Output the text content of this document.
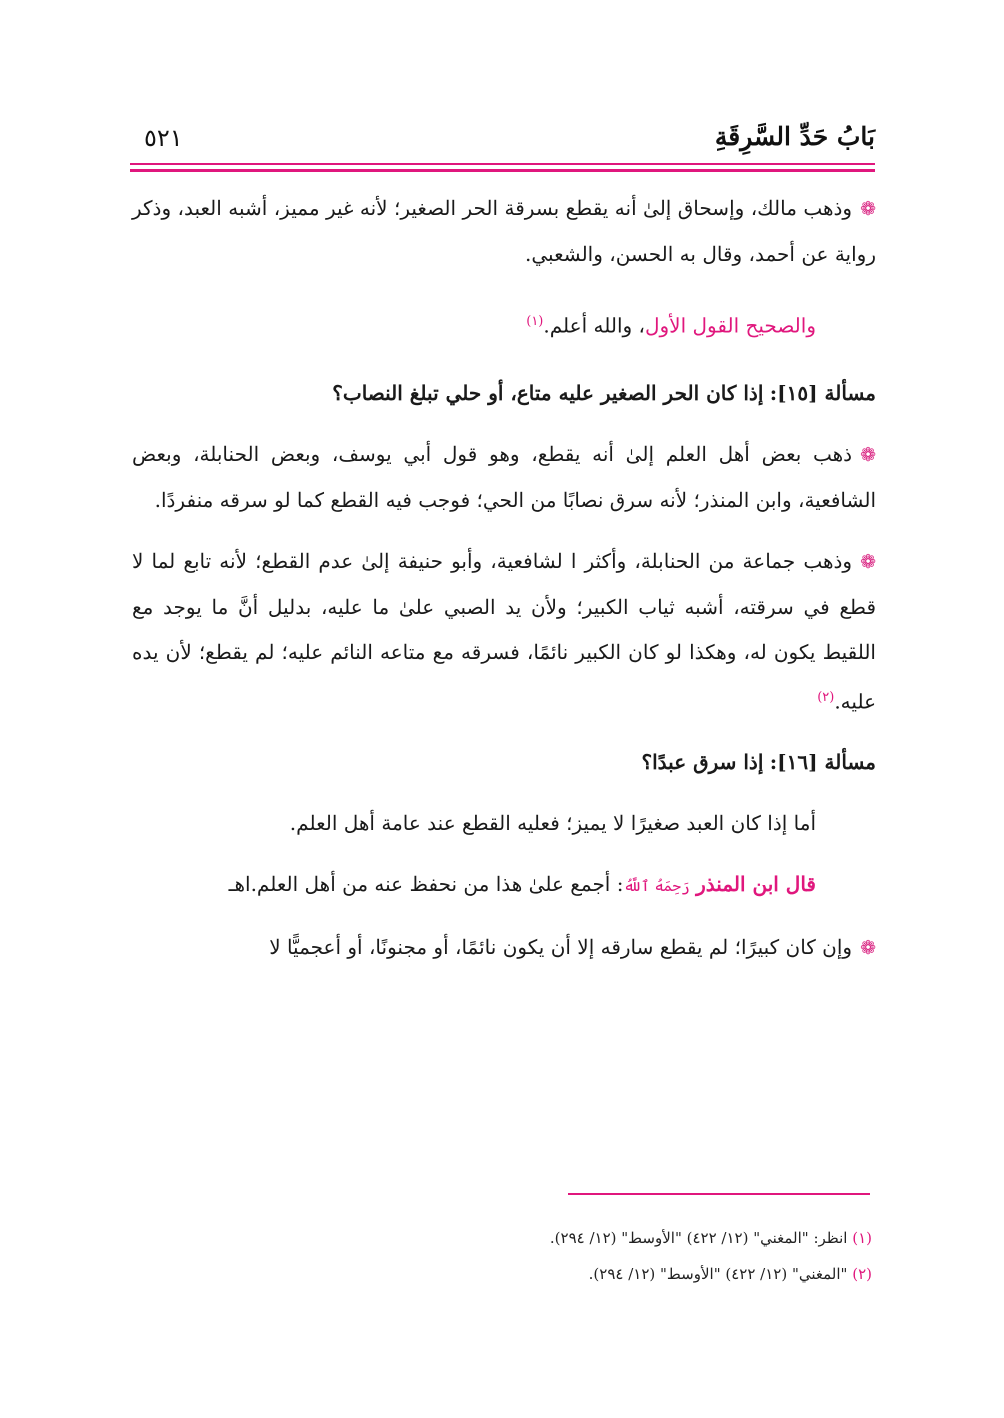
بَابُ حَدِّ السَّرِقَةِ
٥٢١

❁وذهب مالك، وإسحاق إلىٰ أنه يقطع بسرقة الحر الصغير؛ لأنه غير مميز، أشبه العبد، وذكر رواية عن أحمد، وقال به الحسن، والشعبي.

والصحيح القول الأول، والله أعلم.$^{(١)}$

مسألة [١٥]: إذا كان الحر الصغير عليه متاع، أو حلي تبلغ النصاب؟

❁ذهب بعض أهل العلم إلىٰ أنه يقطع، وهو قول أبي يوسف، وبعض الحنابلة، وبعض الشافعية، وابن المنذر؛ لأنه سرق نصابًا من الحي؛ فوجب فيه القطع كما لو سرقه منفردًا.

❁وذهب جماعة من الحنابلة، وأكثر ا لشافعية، وأبو حنيفة إلىٰ عدم القطع؛ لأنه تابع لما لا قطع في سرقته، أشبه ثياب الكبير؛ ولأن يد الصبي علىٰ ما عليه، بدليل أنَّ ما يوجد مع اللقيط يكون له، وهكذا لو كان الكبير نائمًا، فسرقه مع متاعه النائم عليه؛ لم يقطع؛ لأن يده عليه.$^{(٢)}$

مسألة [١٦]: إذا سرق عبدًا؟

أما إذا كان العبد صغيرًا لا يميز؛ فعليه القطع عند عامة أهل العلم.

قال ابن المنذر رَحِمَهُ ٱللَّهُ: أجمع علىٰ هذا من نحفظ عنه من أهل العلم.اهـ

❁وإن كان كبيرًا؛ لم يقطع سارقه إلا أن يكون نائمًا، أو مجنونًا، أو أعجميًّا لا

(١) انظر: "المغني" (١٢/ ٤٢٢) "الأوسط" (١٢/ ٢٩٤).
(٢) "المغني" (١٢/ ٤٢٢) "الأوسط" (١٢/ ٢٩٤).
